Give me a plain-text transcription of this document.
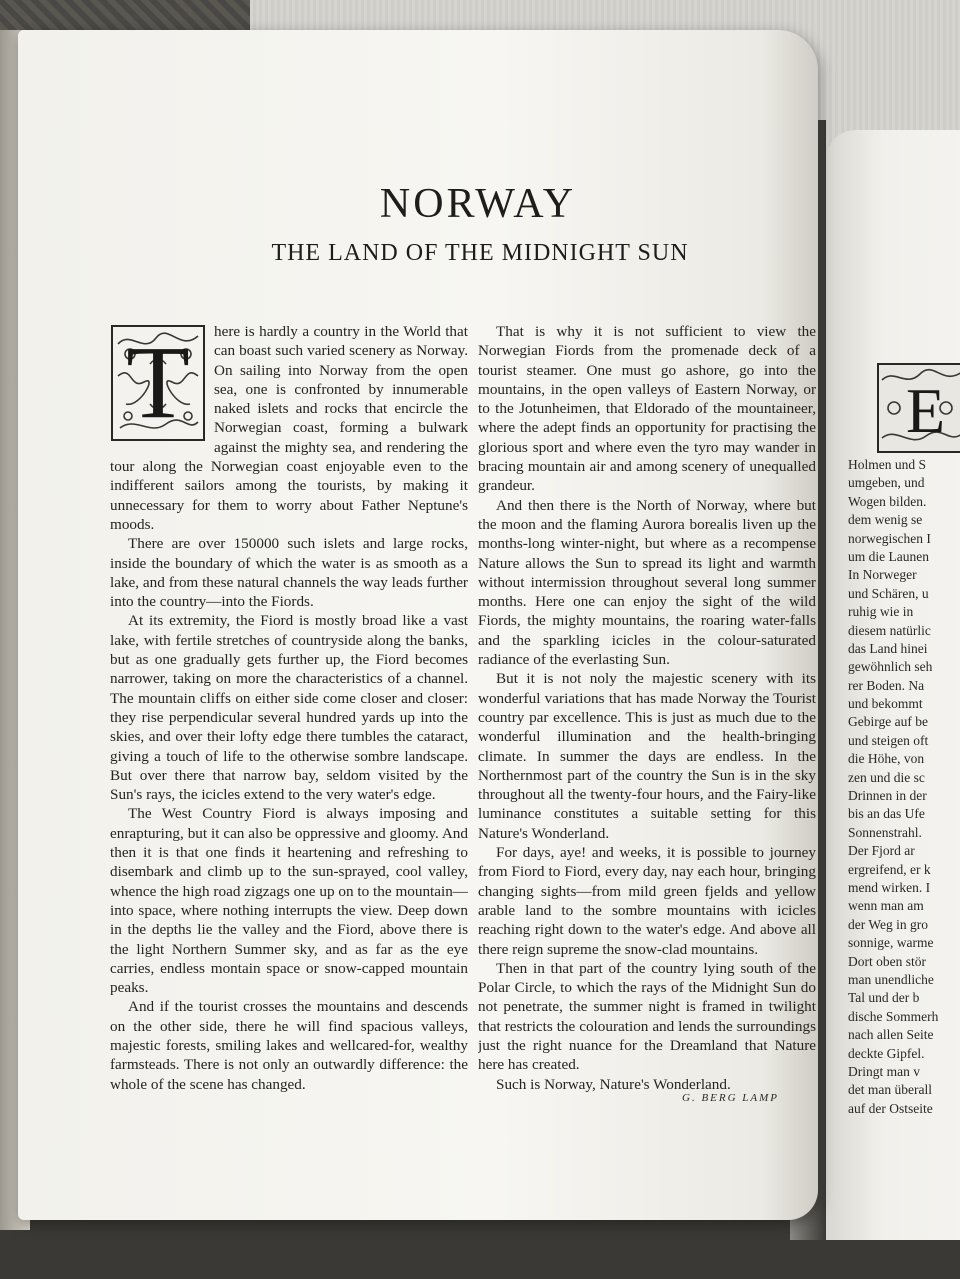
NORWAY
THE LAND OF THE MIDNIGHT SUN
T	here is hardly a country in the World that can boast such varied scenery as Norway. On sailing into Norway from the open sea, one is confronted by innumerable naked islets and rocks that encircle the Norwegian coast, forming a bulwark against the mighty sea, and rendering the tour along the Norwegian coast enjoyable even to the indifferent sailors among the tourists, by making it unnecessary for them to worry about Father Neptune's moods.

There are over 150000 such islets and large rocks, inside the boundary of which the water is as smooth as a lake, and from these natural channels the way leads further into the country—into the Fiords.

At its extremity, the Fiord is mostly broad like a vast lake, with fertile stretches of countryside along the banks, but as one gradually gets further up, the Fiord becomes narrower, taking on more the characteristics of a channel. The mountain cliffs on either side come closer and closer: they rise perpendicular several hundred yards up into the skies, and over their lofty edge there tumbles the cataract, giving a touch of life to the otherwise sombre landscape. But over there that narrow bay, seldom visited by the Sun's rays, the icicles extend to the very water's edge.

The West Country Fiord is always imposing and enrapturing, but it can also be oppressive and gloomy. And then it is that one finds it heartening and refreshing to disembark and climb up to the sun-sprayed, cool valley, whence the high road zigzags one up on to the mountain—into space, where nothing interrupts the view. Deep down in the depths lie the valley and the Fiord, above there is the light Northern Summer sky, and as far as the eye carries, endless montain space or snow-capped mountain peaks.

And if the tourist crosses the mountains and descends on the other side, there he will find spacious valleys, majestic forests, smiling lakes and wellcared-for, wealthy farmsteads. There is not only an outwardly difference: the whole of the scene has changed.

That is why it is not sufficient to view the Norwegian Fiords from the promenade deck of a tourist steamer. One must go ashore, go into the mountains, in the open valleys of Eastern Norway, or to the Jotunheimen, that Eldorado of the mountaineer, where the adept finds an opportunity for practising the glorious sport and where even the tyro may wander in bracing mountain air and among scenery of unequalled grandeur.

And then there is the North of Norway, where but the moon and the flaming Aurora borealis liven up the months-long winter-night, but where as a recompense Nature allows the Sun to spread its light and warmth without intermission throughout several long summer months. Here one can enjoy the sight of the wild Fiords, the mighty mountains, the roaring water-falls and the sparkling icicles in the colour-saturated radiance of the everlasting Sun.

But it is not noly the majestic scenery with its wonderful variations that has made Norway the Tourist country par excellence. This is just as much due to the wonderful illumination and the health-bringing climate. In summer the days are endless. In the Northernmost part of the country the Sun is in the sky throughout all the twenty-four hours, and the Fairy-like luminance constitutes a suitable setting for this Nature's Wonderland.

For days, aye! and weeks, it is possible to journey from Fiord to Fiord, every day, nay each hour, bringing changing sights—from mild green fjelds and yellow arable land to the sombre mountains with icicles reaching right down to the water's edge. And above all there reign supreme the snow-clad mountains.

Then in that part of the country lying south of the Polar Circle, to which the rays of the Midnight Sun do not penetrate, the summer night is framed in twilight that restricts the colouration and lends the surroundings just the right nuance for the Dreamland that Nature here has created.

Such is Norway, Nature's Wonderland.

G. BERG LAMP
E
Holmen und S
umgeben, und
Wogen bilden.
dem wenig se
norwegischen I
um die Launen
In Norweger
und Schären, u
ruhig wie in
diesem natürlic
das Land hinei
gewöhnlich seh
rer Boden. Na
und bekommt
Gebirge auf be
und steigen oft
die Höhe, von
zen und die sc
Drinnen in der
bis an das Ufe
Sonnenstrahl.
Der Fjord ar
ergreifend, er k
mend wirken. I
wenn man am
der Weg in gro
sonnige, warme
Dort oben stör
man unendliche
Tal und der b
dische Sommerh
nach allen Seite
deckte Gipfel.
Dringt man v
det man überall
auf der Ostseite
